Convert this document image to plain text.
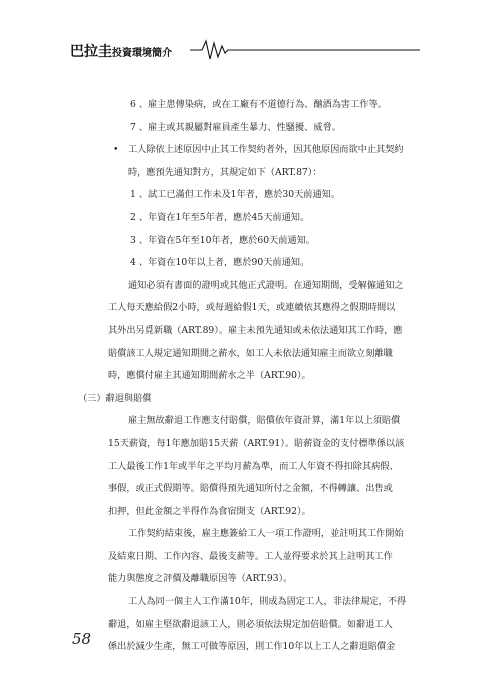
巴拉圭投資環境簡介
6 、雇主患傳染病，或在工廠有不道德行為、酗酒為害工作等。
7 、雇主或其親屬對雇員產生暴力、性騷擾、威脅。
• 工人除依上述原因中止其工作契約者外，因其他原因而欲中止其契約
時，應預先通知對方，其規定如下（ART.87）：
1 、試工已滿但工作未及1年者，應於30天前通知。
2 、年資在1年至5年者，應於45天前通知。
3 、年資在5年至10年者，應於60天前通知。
4 、年資在10年以上者，應於90天前通知。
通知必須有書面的證明或其他正式證明。在通知期間，受解僱通知之
工人每天應給假2小時，或每週給假1天，或連續依其應得之假期時間以
其外出另覓新職（ART.89）。雇主未預先通知或未依法通知其工作時，應
賠償該工人規定通知期間之薪水，如工人未依法通知雇主而欲立刻離職
時，應償付雇主其通知期間薪水之半（ART.90）。
（三）辭退與賠償
雇主無故辭退工作應支付賠償，賠償依年資計算，滿1年以上須賠償
15天薪資，每1年應加賠15天薪（ART.91）。賠薪資金的支付標準係以該
工人最後工作1年或半年之平均月薪為準，而工人年資不得扣除其病假、
事假，或正式假期等。賠償得預先通知所付之金額，不得轉讓、出售或
扣押，但此金額之半得作為食宿開支（ART.92）。
工作契約結束後，雇主應簽給工人一項工作證明，並註明其工作開始
及結束日期、工作內容、最後支薪等。工人並得要求於其上註明其工作
能力與態度之評價及離職原因等（ART.93）。
工人為同一個主人工作滿10年，則成為固定工人，非法律規定，不得
辭退，如雇主堅欲辭退該工人，則必須依法規定加倍賠償。如辭退工人
係出於減少生產，無工可做等原因，則工作10年以上工人之辭退賠償金
58
